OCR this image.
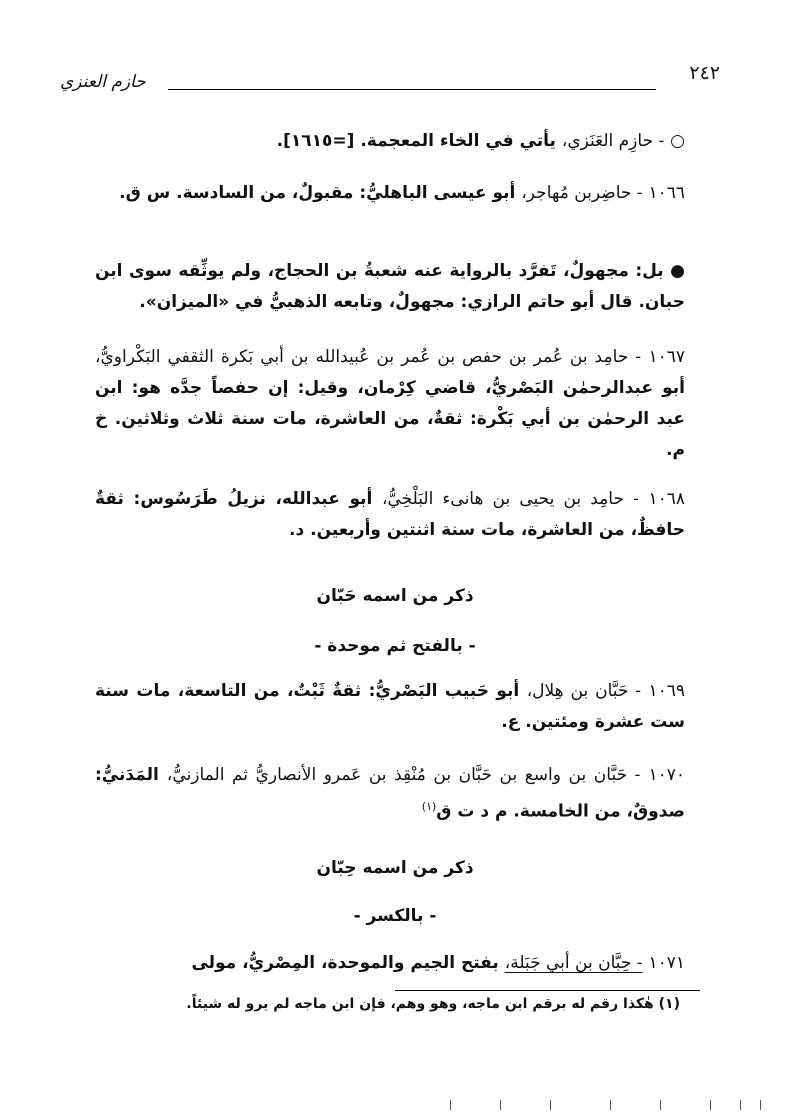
٢٤٢
حازم العنزي
○ - حازِم العَنَزي، يأتي في الخاء المعجمة. [=١٦١٥].
١٠٦٦ - حاضِربن مُهاجر، أبو عيسى الباهليُّ: مقبولٌ، من السادسة. س ق.
● بل: مجهولٌ، تَفرَّد بالرواية عنه شعبةُ بن الحجاج، ولم يوثِّقه سوى ابن حبان. قال أبو حاتم الرازي: مجهولٌ، وتابعه الذهبيُّ في «الميزان».
١٠٦٧ - حامِد بن عُمر بن حفص بن عُمر بن عُبيدالله بن أبي بَكرة الثقفي البَكْراويُّ، أبو عبدالرحمٰن البَصْريُّ، قاضي كِرْمان، وقيل: إن حفصاً جدَّه هو: ابن عبد الرحمٰن بن أبي بَكْرة: ثقةٌ، من العاشرة، مات سنة ثلاث وثلاثين. خ م.
١٠٦٨ - حامِد بن يحيى بن هانىء البَلْخِيُّ، أبو عبدالله، نزيلُ طَرَسُوس: ثقةٌ حافظٌ، من العاشرة، مات سنة اثنتين وأربعين. د.
ذكر من اسمه حَبّان
- بالفتح ثم موحدة -
١٠٦٩ - حَبَّان بن هِلال، أبو حَبيب البَصْريُّ: ثقةٌ ثَبْتٌ، من التاسعة، مات سنة ست عشرة ومئتين. ع.
١٠٧٠ - حَبَّان بن واسع بن حَبَّان بن مُنْقِذ بن عَمرو الأنصاريُّ ثم المازنيُّ، المَدَنيُّ: صدوقٌ، من الخامسة. م د ت ق$^{(١)}$
ذكر من اسمه حِبّان
- بالكسر -
١٠٧١ - حِبَّان بن أبي جَبَلة، بفتح الجيم والموحدة، المِصْريُّ، مولى
(١) هٰكذا رقم له برقم ابن ماجه، وهو وهم، فإن ابن ماجه لم يرو له شيئاً.
